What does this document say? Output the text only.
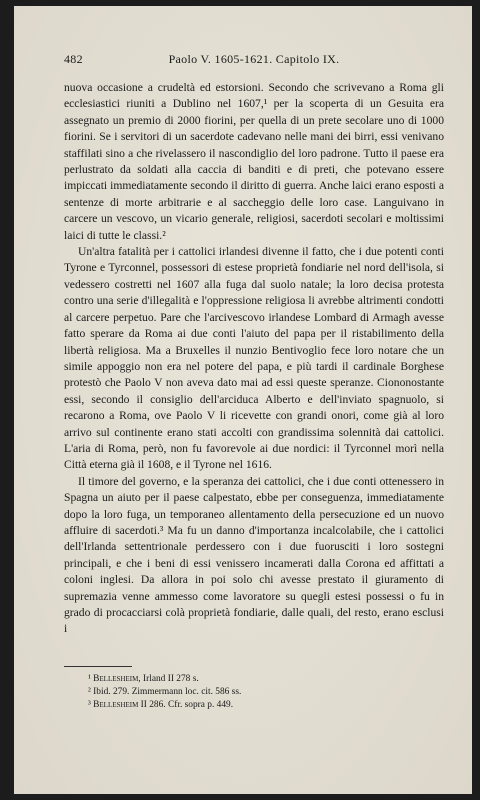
482	Paolo V. 1605-1621. Capitolo IX.

nuova occasione a crudeltà ed estorsioni. Secondo che scrivevano a Roma gli ecclesiastici riuniti a Dublino nel 1607,¹ per la scoperta di un Gesuita era assegnato un premio di 2000 fiorini, per quella di un prete secolare uno di 1000 fiorini. Se i servitori di un sacerdote cadevano nelle mani dei birri, essi venivano staffilati sino a che rivelassero il nascondiglio del loro padrone. Tutto il paese era perlustrato da soldati alla caccia di banditi e di preti, che potevano essere impiccati immediatamente secondo il diritto di guerra. Anche laici erano esposti a sentenze di morte arbitrarie e al saccheggio delle loro case. Languivano in carcere un vescovo, un vicario generale, religiosi, sacerdoti secolari e moltissimi laici di tutte le classi.²

Un'altra fatalità per i cattolici irlandesi divenne il fatto, che i due potenti conti Tyrone e Tyrconnel, possessori di estese proprietà fondiarie nel nord dell'isola, si vedessero costretti nel 1607 alla fuga dal suolo natale; la loro decisa protesta contro una serie d'illegalità e l'oppressione religiosa li avrebbe altrimenti condotti al carcere perpetuo. Pare che l'arcivescovo irlandese Lombard di Armagh avesse fatto sperare da Roma ai due conti l'aiuto del papa per il ristabilimento della libertà religiosa. Ma a Bruxelles il nunzio Bentivoglio fece loro notare che un simile appoggio non era nel potere del papa, e più tardi il cardinale Borghese protestò che Paolo V non aveva dato mai ad essi queste speranze. Ciononostante essi, secondo il consiglio dell'arciduca Alberto e dell'inviato spagnuolo, si recarono a Roma, ove Paolo V li ricevette con grandi onori, come già al loro arrivo sul continente erano stati accolti con grandissima solennità dai cattolici. L'aria di Roma, però, non fu favorevole ai due nordici: il Tyrconnel morì nella Città eterna già il 1608, e il Tyrone nel 1616.

Il timore del governo, e la speranza dei cattolici, che i due conti ottenessero in Spagna un aiuto per il paese calpestato, ebbe per conseguenza, immediatamente dopo la loro fuga, un temporaneo allentamento della persecuzione ed un nuovo affluire di sacerdoti.³ Ma fu un danno d'importanza incalcolabile, che i cattolici dell'Irlanda settentrionale perdessero con i due fuorusciti i loro sostegni principali, e che i beni di essi venissero incamerati dalla Corona ed affittati a coloni inglesi. Da allora in poi solo chi avesse prestato il giuramento di supremazia venne ammesso come lavoratore su quegli estesi possessi o fu in grado di procacciarsi colà proprietà fondiarie, dalle quali, del resto, erano esclusi i

¹ Bellesheim, Irland II 278 s.
² Ibid. 279. Zimmermann loc. cit. 586 ss.
³ Bellesheim II 286. Cfr. sopra p. 449.
